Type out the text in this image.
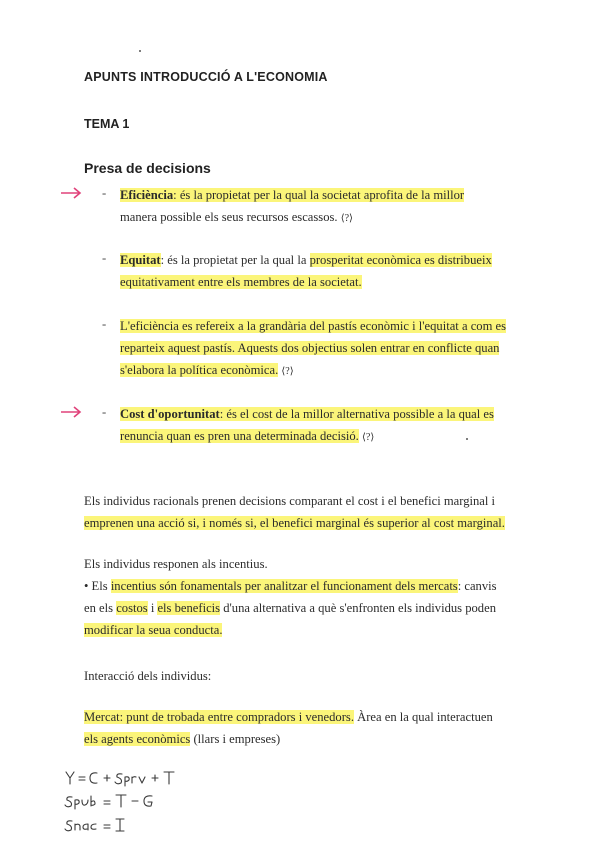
APUNTS INTRODUCCIÓ A L'ECONOMIA
TEMA 1
Presa de decisions
- Eficiència: és la propietat per la qual la societat aprofita de la millor
manera possible els seus recursos escassos. ⟨?⟩
- Equitat: és la propietat per la qual la prosperitat econòmica es distribueix
equitativament entre els membres de la societat.
- L'eficiència es refereix a la grandària del pastís econòmic i l'equitat a com es
reparteix aquest pastís. Aquests dos objectius solen entrar en conflicte quan
s'elabora la política econòmica. ⟨?⟩
- Cost d'oportunitat: és el cost de la millor alternativa possible a la qual es
renuncia quan es pren una determinada decisió. ⟨?⟩
Els individus racionals prenen decisions comparant el cost i el benefici marginal i
emprenen una acció si, i només si, el benefici marginal és superior al cost marginal.
Els individus responen als incentius.
• Els incentius són fonamentals per analitzar el funcionament dels mercats: canvis
en els costos i els beneficis d'una alternativa a què s'enfronten els individus poden
modificar la seua conducta.
Interacció dels individus:
Mercat: punt de trobada entre compradors i venedors. Àrea en la qual interactuen
els agents econòmics (llars i empreses)
